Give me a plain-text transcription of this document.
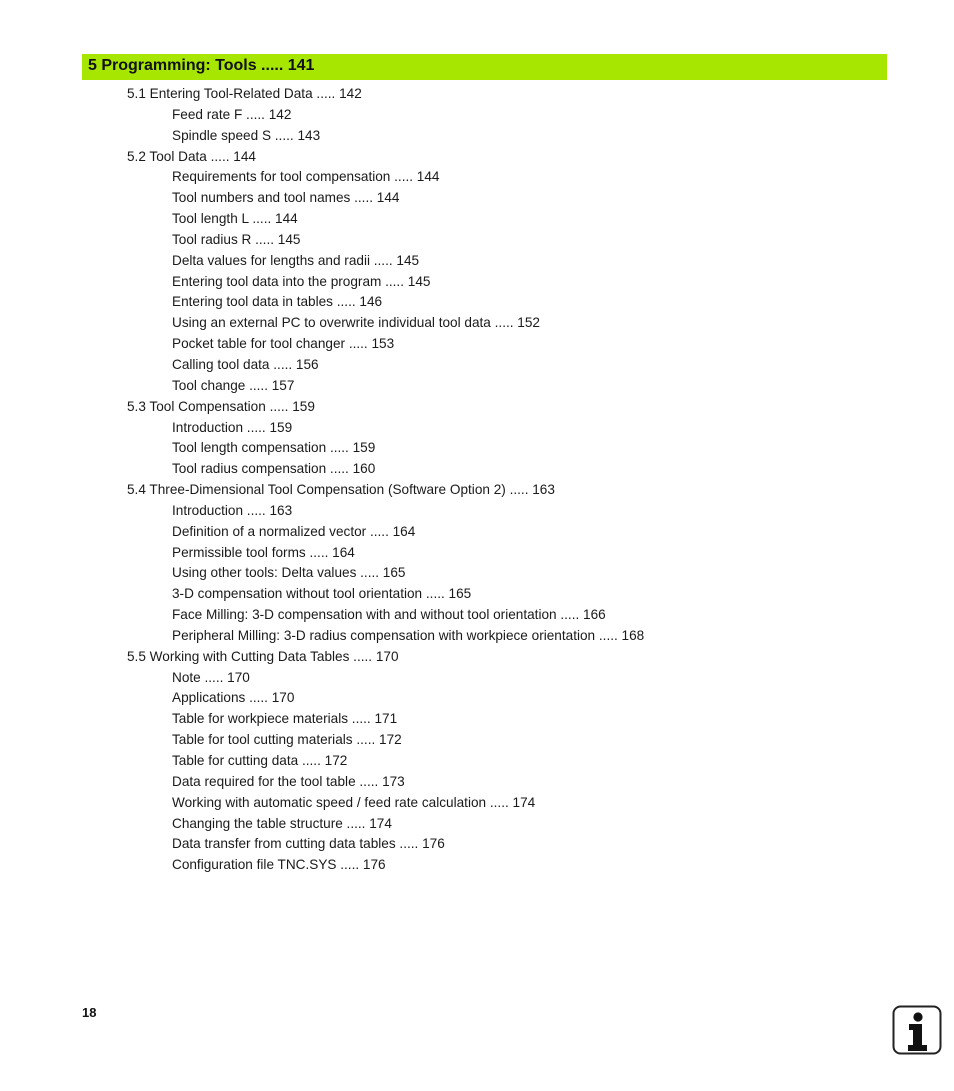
5 Programming: Tools ..... 141
5.1 Entering Tool-Related Data ..... 142
Feed rate F ..... 142
Spindle speed S ..... 143
5.2 Tool Data ..... 144
Requirements for tool compensation ..... 144
Tool numbers and tool names ..... 144
Tool length L ..... 144
Tool radius R ..... 145
Delta values for lengths and radii ..... 145
Entering tool data into the program ..... 145
Entering tool data in tables ..... 146
Using an external PC to overwrite individual tool data ..... 152
Pocket table for tool changer ..... 153
Calling tool data ..... 156
Tool change ..... 157
5.3 Tool Compensation ..... 159
Introduction ..... 159
Tool length compensation ..... 159
Tool radius compensation ..... 160
5.4 Three-Dimensional Tool Compensation (Software Option 2) ..... 163
Introduction ..... 163
Definition of a normalized vector ..... 164
Permissible tool forms ..... 164
Using other tools: Delta values ..... 165
3-D compensation without tool orientation ..... 165
Face Milling: 3-D compensation with and without tool orientation ..... 166
Peripheral Milling: 3-D radius compensation with workpiece orientation ..... 168
5.5 Working with Cutting Data Tables ..... 170
Note ..... 170
Applications ..... 170
Table for workpiece materials ..... 171
Table for tool cutting materials ..... 172
Table for cutting data ..... 172
Data required for the tool table ..... 173
Working with automatic speed / feed rate calculation ..... 174
Changing the table structure ..... 174
Data transfer from cutting data tables ..... 176
Configuration file TNC.SYS ..... 176
18
